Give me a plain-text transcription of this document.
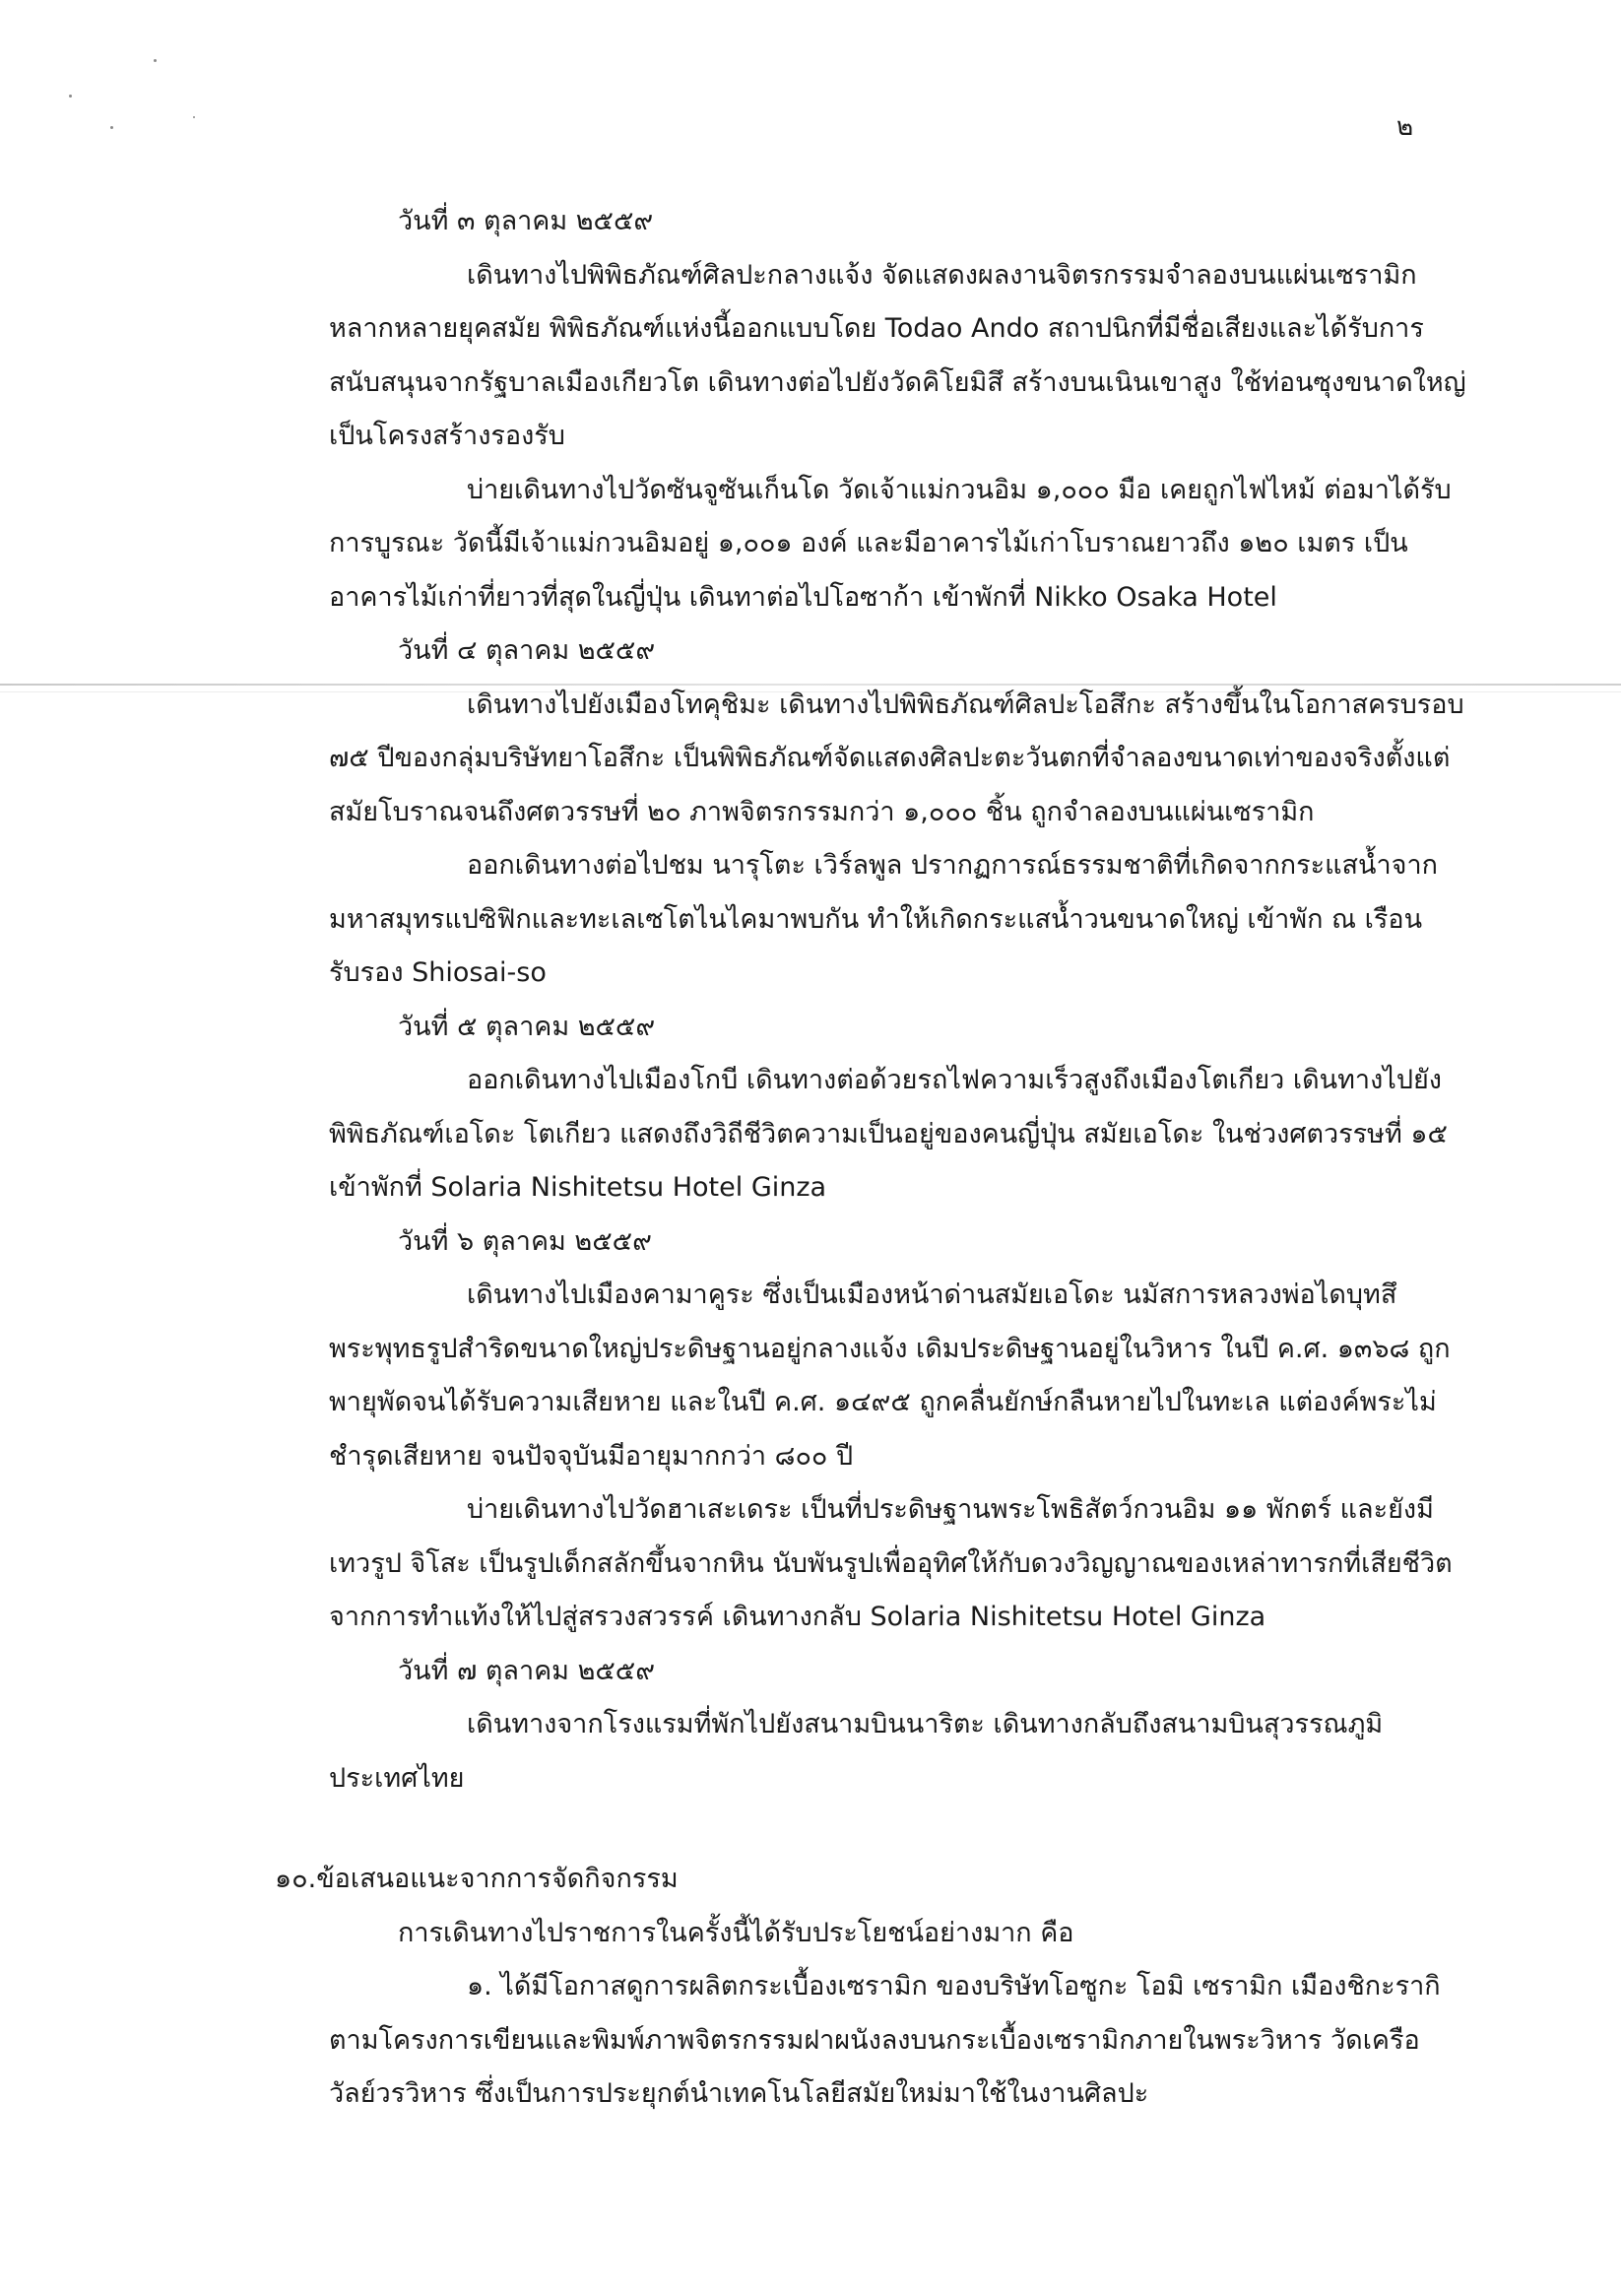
๒
วันที่ ๓ ตุลาคม ๒๕๕๙
เดินทางไปพิพิธภัณฑ์ศิลปะกลางแจ้ง จัดแสดงผลงานจิตรกรรมจำลองบนแผ่นเซรามิก
หลากหลายยุคสมัย พิพิธภัณฑ์แห่งนี้ออกแบบโดย Todao Ando สถาปนิกที่มีชื่อเสียงและได้รับการ
สนับสนุนจากรัฐบาลเมืองเกียวโต เดินทางต่อไปยังวัดคิโยมิสึ สร้างบนเนินเขาสูง ใช้ท่อนซุงขนาดใหญ่
เป็นโครงสร้างรองรับ
บ่ายเดินทางไปวัดซันจูซันเก็นโด วัดเจ้าแม่กวนอิม ๑,๐๐๐ มือ เคยถูกไฟไหม้ ต่อมาได้รับ
การบูรณะ วัดนี้มีเจ้าแม่กวนอิมอยู่ ๑,๐๐๑ องค์ และมีอาคารไม้เก่าโบราณยาวถึง ๑๒๐ เมตร เป็น
อาคารไม้เก่าที่ยาวที่สุดในญี่ปุ่น เดินทาต่อไปโอซาก้า เข้าพักที่ Nikko Osaka Hotel
วันที่ ๔ ตุลาคม ๒๕๕๙
เดินทางไปยังเมืองโทคุชิมะ เดินทางไปพิพิธภัณฑ์ศิลปะโอสึกะ สร้างขึ้นในโอกาสครบรอบ
๗๕ ปีของกลุ่มบริษัทยาโอสึกะ เป็นพิพิธภัณฑ์จัดแสดงศิลปะตะวันตกที่จำลองขนาดเท่าของจริงตั้งแต่
สมัยโบราณจนถึงศตวรรษที่ ๒๐ ภาพจิตรกรรมกว่า ๑,๐๐๐ ชิ้น ถูกจำลองบนแผ่นเซรามิก
ออกเดินทางต่อไปชม นารุโตะ เวิร์ลพูล ปรากฏการณ์ธรรมชาติที่เกิดจากกระแสน้ำจาก
มหาสมุทรแปซิฟิกและทะเลเซโตไนไคมาพบกัน ทำให้เกิดกระแสน้ำวนขนาดใหญ่ เข้าพัก ณ เรือน
รับรอง Shiosai-so
วันที่ ๕ ตุลาคม ๒๕๕๙
ออกเดินทางไปเมืองโกบี เดินทางต่อด้วยรถไฟความเร็วสูงถึงเมืองโตเกียว เดินทางไปยัง
พิพิธภัณฑ์เอโดะ โตเกียว แสดงถึงวิถีชีวิตความเป็นอยู่ของคนญี่ปุ่น สมัยเอโดะ ในช่วงศตวรรษที่ ๑๕
เข้าพักที่ Solaria Nishitetsu Hotel Ginza
วันที่ ๖ ตุลาคม ๒๕๕๙
เดินทางไปเมืองคามาคูระ ซึ่งเป็นเมืองหน้าด่านสมัยเอโดะ นมัสการหลวงพ่อไดบุทสึ
พระพุทธรูปสำริดขนาดใหญ่ประดิษฐานอยู่กลางแจ้ง เดิมประดิษฐานอยู่ในวิหาร ในปี ค.ศ. ๑๓๖๘ ถูก
พายุพัดจนได้รับความเสียหาย และในปี ค.ศ. ๑๔๙๕ ถูกคลื่นยักษ์กลืนหายไปในทะเล แต่องค์พระไม่
ชำรุดเสียหาย จนปัจจุบันมีอายุมากกว่า ๘๐๐ ปี
บ่ายเดินทางไปวัดฮาเสะเดระ เป็นที่ประดิษฐานพระโพธิสัตว์กวนอิม ๑๑ พักตร์ และยังมี
เทวรูป จิโสะ เป็นรูปเด็กสลักขึ้นจากหิน นับพันรูปเพื่ออุทิศให้กับดวงวิญญาณของเหล่าทารกที่เสียชีวิต
จากการทำแท้งให้ไปสู่สรวงสวรรค์ เดินทางกลับ Solaria Nishitetsu Hotel Ginza
วันที่ ๗ ตุลาคม ๒๕๕๙
เดินทางจากโรงแรมที่พักไปยังสนามบินนาริตะ เดินทางกลับถึงสนามบินสุวรรณภูมิ
ประเทศไทย
๑๐.ข้อเสนอแนะจากการจัดกิจกรรม
การเดินทางไปราชการในครั้งนี้ได้รับประโยชน์อย่างมาก คือ
๑. ได้มีโอกาสดูการผลิตกระเบื้องเซรามิก ของบริษัทโอซูกะ โอมิ เซรามิก เมืองชิกะรากิ
ตามโครงการเขียนและพิมพ์ภาพจิตรกรรมฝาผนังลงบนกระเบื้องเซรามิกภายในพระวิหาร วัดเครือ
วัลย์วรวิหาร ซึ่งเป็นการประยุกต์นำเทคโนโลยีสมัยใหม่มาใช้ในงานศิลปะ
